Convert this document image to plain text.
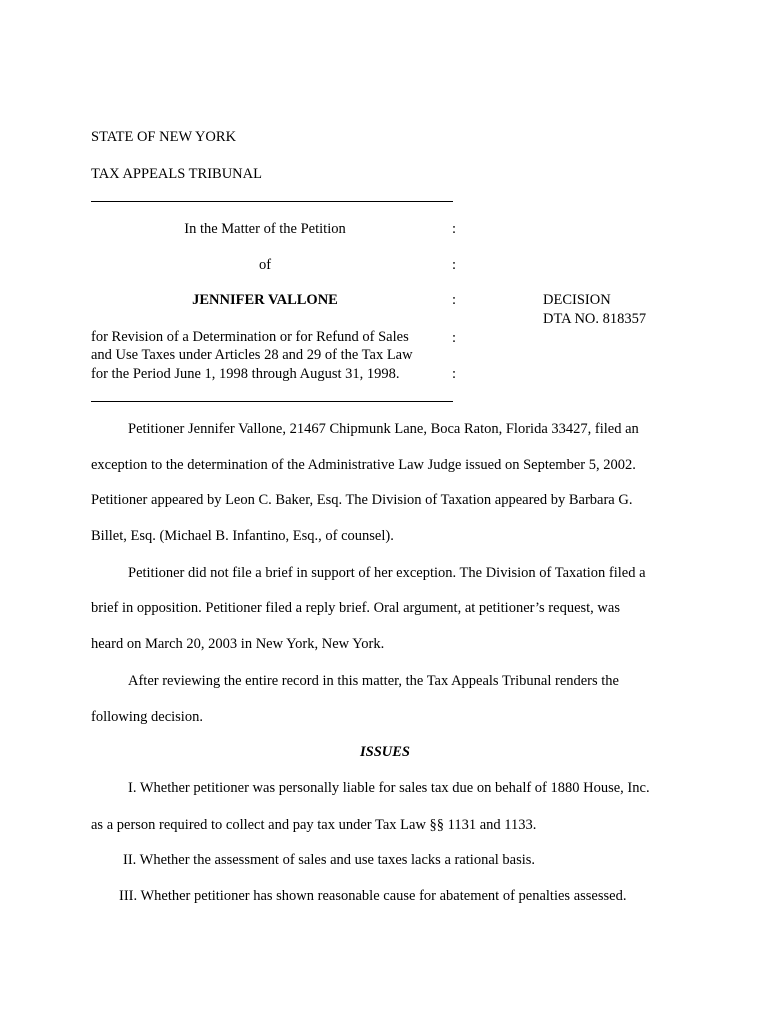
STATE OF NEW YORK
TAX APPEALS TRIBUNAL
In the Matter of the Petition	:
of	:
JENNIFER VALLONE	:	DECISION
DTA NO. 818357
for Revision of a Determination or for Refund of Sales	:
and Use Taxes under Articles 28 and 29 of the Tax Law
for the Period June 1, 1998 through August 31, 1998.	:
Petitioner Jennifer Vallone, 21467 Chipmunk Lane, Boca Raton, Florida 33427, filed an
exception to the determination of the Administrative Law Judge issued on September 5, 2002.
Petitioner appeared by Leon C. Baker, Esq. The Division of Taxation appeared by Barbara G.
Billet, Esq. (Michael B. Infantino, Esq., of counsel).
Petitioner did not file a brief in support of her exception. The Division of Taxation filed a
brief in opposition. Petitioner filed a reply brief. Oral argument, at petitioner’s request, was
heard on March 20, 2003 in New York, New York.
After reviewing the entire record in this matter, the Tax Appeals Tribunal renders the
following decision.
ISSUES
I. Whether petitioner was personally liable for sales tax due on behalf of 1880 House, Inc.
as a person required to collect and pay tax under Tax Law §§ 1131 and 1133.
II. Whether the assessment of sales and use taxes lacks a rational basis.
III. Whether petitioner has shown reasonable cause for abatement of penalties assessed.
